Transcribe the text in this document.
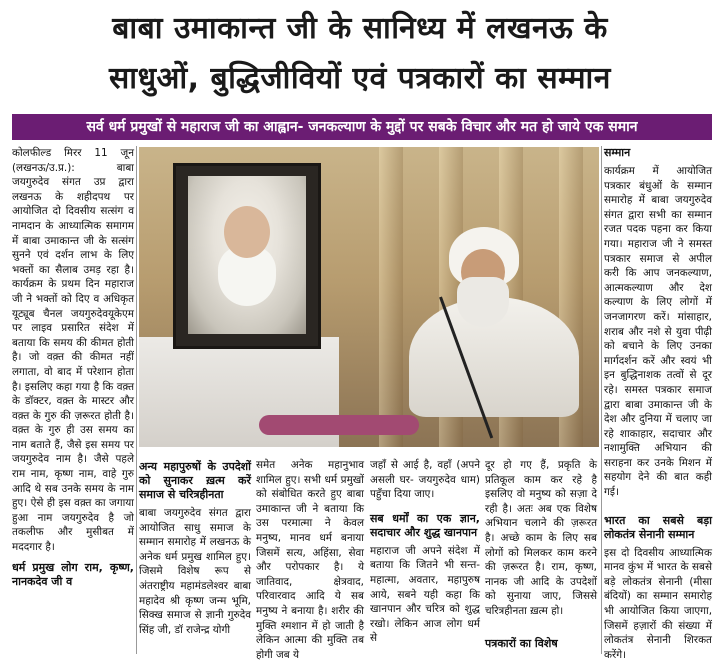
बाबा उमाकान्त जी के सानिध्य में लखनऊ के
साधुओं, बुद्धिजीवियों एवं पत्रकारों का सम्मान
सर्व धर्म प्रमुखों से महाराज जी का आह्वान- जनकल्याण के मुद्दों पर सबके विचार और मत हो जाये एक समान

कोलफील्ड मिरर 11 जून (लखनऊ/उ.प्र.): बाबा जयगुरुदेव संगत उप्र द्वारा लखनऊ के शहीदपथ पर आयोजित दो दिवसीय सत्संग व नामदान के आध्यात्मिक समागम में बाबा उमाकान्त जी के सत्संग सुनने एवं दर्शन लाभ के लिए भक्तों का सैलाब उमड़ रहा है। कार्यक्रम के प्रथम दिन महाराज जी ने भक्तों को दिए व अधिकृत यूट्यूब चैनल जयगुरुदेवयूकेएम पर लाइव प्रसारित संदेश में बताया कि समय की कीमत होती है। जो वक़्त की कीमत नहीं लगाता, वो बाद में परेशान होता है। इसलिए कहा गया है कि वक़्त के डॉक्टर, वक़्त के मास्टर और वक़्त के गुरु की ज़रूरत होती है। वक़्त के गुरु ही उस समय का नाम बताते हैं, जैसे इस समय पर जयगुरुदेव नाम है। जैसे पहले राम नाम, कृष्ण नाम, वाहे गुरु आदि थे सब उनके समय के नाम हुए। ऐसे ही इस वक़्त का जगाया हुआ नाम जयगुरुदेव है जो तकलीफ और मुसीबत में मददगार है।

धर्म प्रमुख लोग राम, कृष्ण, नानकदेव जी व
अन्य महापुरुषों के उपदेशों को सुनाकर ख़त्म करें समाज से चरित्रहीनता

बाबा जयगुरुदेव संगत द्वारा आयोजित साधु समाज के सम्मान समारोह में लखनऊ के अनेक धर्म प्रमुख शामिल हुए। जिसमे विशेष रूप से अंतराष्ट्रीय महामंडलेश्वर बाबा महादेव श्री कृष्ण जन्म भूमि, सिक्ख समाज से ज्ञानी गुरुदेव सिंह जी, डॉ राजेन्द्र योगी

समेत अनेक महानुभाव शामिल हुए। सभी धर्म प्रमुखों को संबोधित करते हुए बाबा उमाकान्त जी ने बताया कि उस परमात्मा ने केवल मनुष्य, मानव धर्म बनाया जिसमें सत्य, अहिंसा, सेवा और परोपकार है। ये जातिवाद, क्षेत्रवाद, परिवारवाद आदि ये सब मनुष्य ने बनाया है। शरीर की मुक्ति श्मशान में हो जाती है लेकिन आत्मा की मुक्ति तब होगी जब ये

जहाँ से आई है, वहाँ (अपने असली घर- जयगुरुदेव धाम) पहुँचा दिया जाए।

सब धर्मों का एक ज्ञान, सदाचार और शुद्ध खानपान

महाराज जी अपने संदेश में बताया कि जितने भी सन्त-महात्मा, अवतार, महापुरुष आये, सबने यही कहा कि खानपान और चरित्र को शुद्ध रखो। लेकिन आज लोग धर्म से

दूर हो गए हैं, प्रकृति के प्रतिकूल काम कर रहे है इसलिए वो मनुष्य को सज़ा दे रही है। अतः अब एक विशेष अभियान चलाने की ज़रूरत है। अच्छे काम के लिए सब लोगों को मिलकर काम करने की ज़रूरत है। राम, कृष्ण, नानक जी आदि के उपदेशों को सुनाया जाए, जिससे चरित्रहीनता ख़त्म हो।

पत्रकारों का विशेष
सम्मान

कार्यक्रम में आयोजित पत्रकार बंधुओं के सम्मान समारोह में बाबा जयगुरुदेव संगत द्वारा सभी का सम्मान रजत पदक पहना कर किया गया। महाराज जी ने समस्त पत्रकार समाज से अपील करी कि आप जनकल्याण, आत्मकल्याण और देश कल्याण के लिए लोगों में जनजागरण करें। मांसाहार, शराब और नशे से युवा पीढ़ी को बचाने के लिए उनका मार्गदर्शन करें और स्वयं भी इन बुद्धिनाशक तत्वों से दूर रहे। समस्त पत्रकार समाज द्वारा बाबा उमाकान्त जी के देश और दुनिया में चलाए जा रहे शाकाहार, सदाचार और नशामुक्ति अभियान की सराहना कर उनके मिशन में सहयोग देने की बात कही गई।

भारत का सबसे बड़ा लोकतंत्र सेनानी सम्मान

इस दो दिवसीय आध्यात्मिक मानव कुंभ में भारत के सबसे बड़े लोकतंत्र सेनानी (मीसा बंदियों) का सम्मान समारोह भी आयोजित किया जाएगा, जिसमें हज़ारों की संख्या में लोकतंत्र सेनानी शिरकत करेंगे।
